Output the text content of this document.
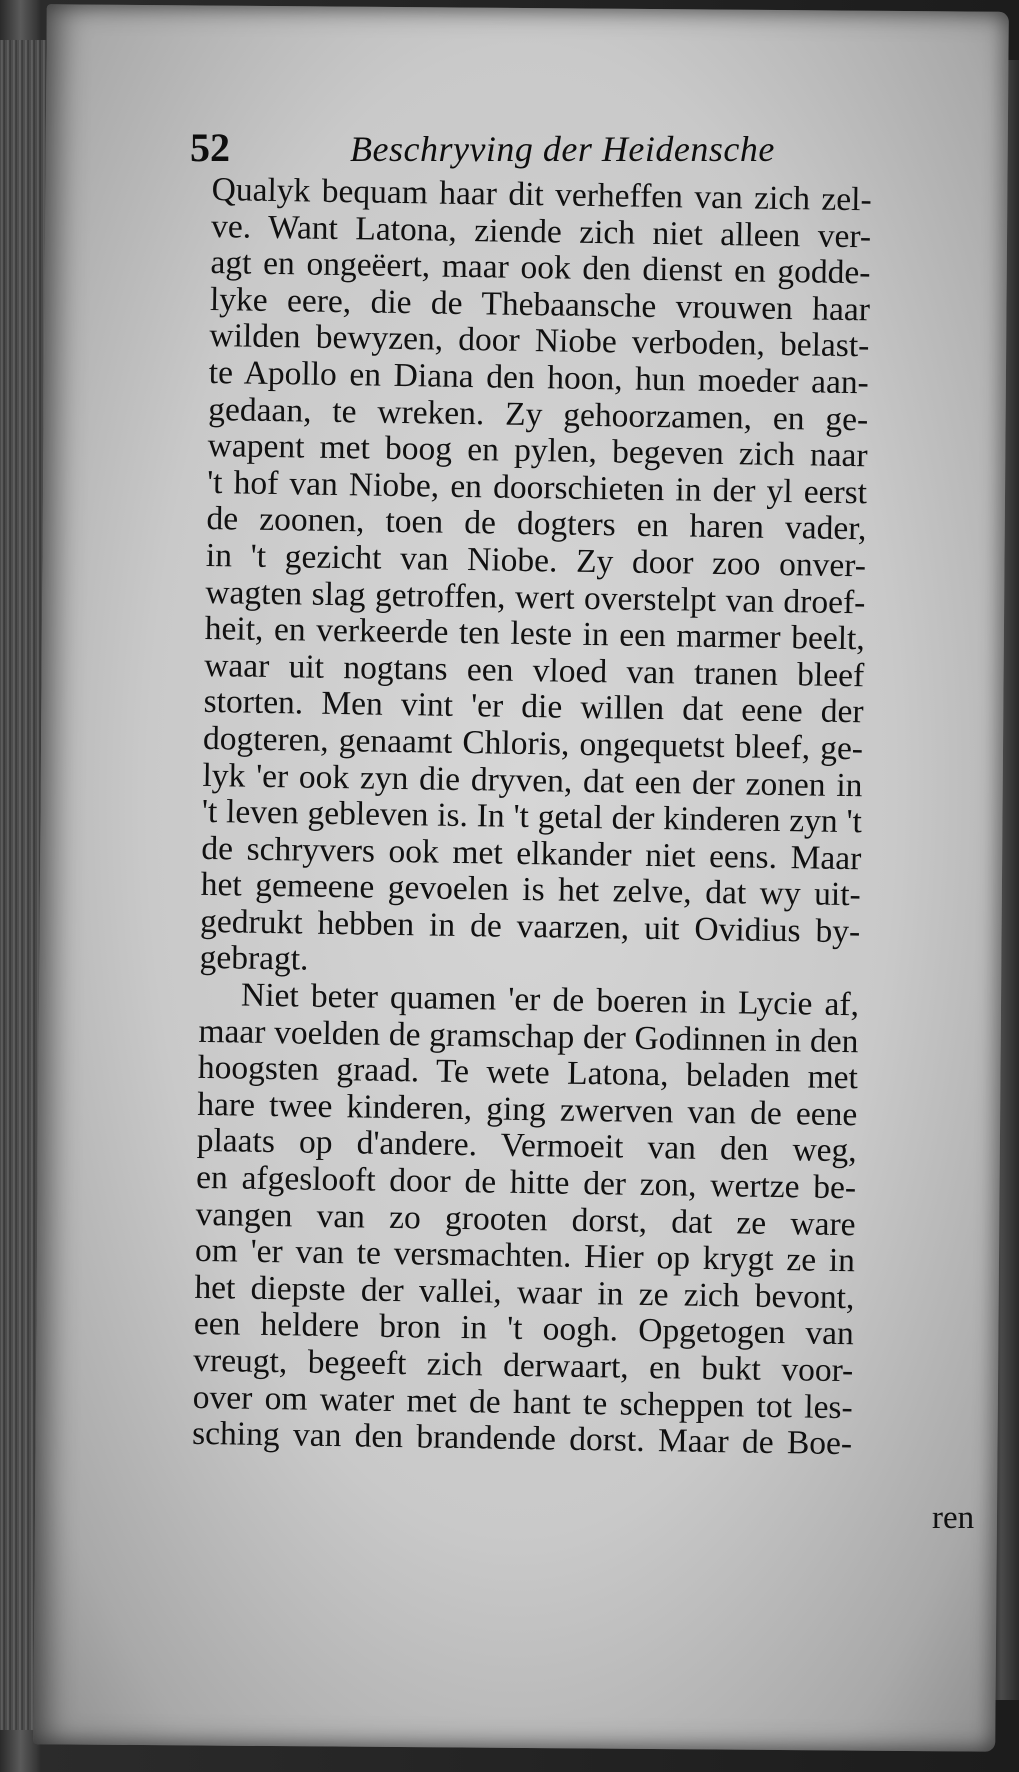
52	Beschryving der Heidensche
Qualyk bequam haar dit verheffen van zich zel-
ve. Want Latona, ziende zich niet alleen ver-
agt en ongeëert, maar ook den dienst en godde-
lyke eere, die de Thebaansche vrouwen haar
wilden bewyzen, door Niobe verboden, belast-
te Apollo en Diana den hoon, hun moeder aan-
gedaan, te wreken. Zy gehoorzamen, en ge-
wapent met boog en pylen, begeven zich naar
't hof van Niobe, en doorschieten in der yl eerst
de zoonen, toen de dogters en haren vader,
in 't gezicht van Niobe. Zy door zoo onver-
wagten slag getroffen, wert overstelpt van droef-
heit, en verkeerde ten leste in een marmer beelt,
waar uit nogtans een vloed van tranen bleef
storten. Men vint 'er die willen dat eene der
dogteren, genaamt Chloris, ongequetst bleef, ge-
lyk 'er ook zyn die dryven, dat een der zonen in
't leven gebleven is. In 't getal der kinderen zyn 't
de schryvers ook met elkander niet eens. Maar
het gemeene gevoelen is het zelve, dat wy uit-
gedrukt hebben in de vaarzen, uit Ovidius by-
gebragt.
Niet beter quamen 'er de boeren in Lycie af,
maar voelden de gramschap der Godinnen in den
hoogsten graad. Te wete Latona, beladen met
hare twee kinderen, ging zwerven van de eene
plaats op d'andere. Vermoeit van den weg,
en afgeslooft door de hitte der zon, wertze be-
vangen van zo grooten dorst, dat ze ware
om 'er van te versmachten. Hier op krygt ze in
het diepste der vallei, waar in ze zich bevont,
een heldere bron in 't oogh. Opgetogen van
vreugt, begeeft zich derwaart, en bukt voor-
over om water met de hant te scheppen tot les-
sching van den brandende dorst. Maar de Boe-
ren
